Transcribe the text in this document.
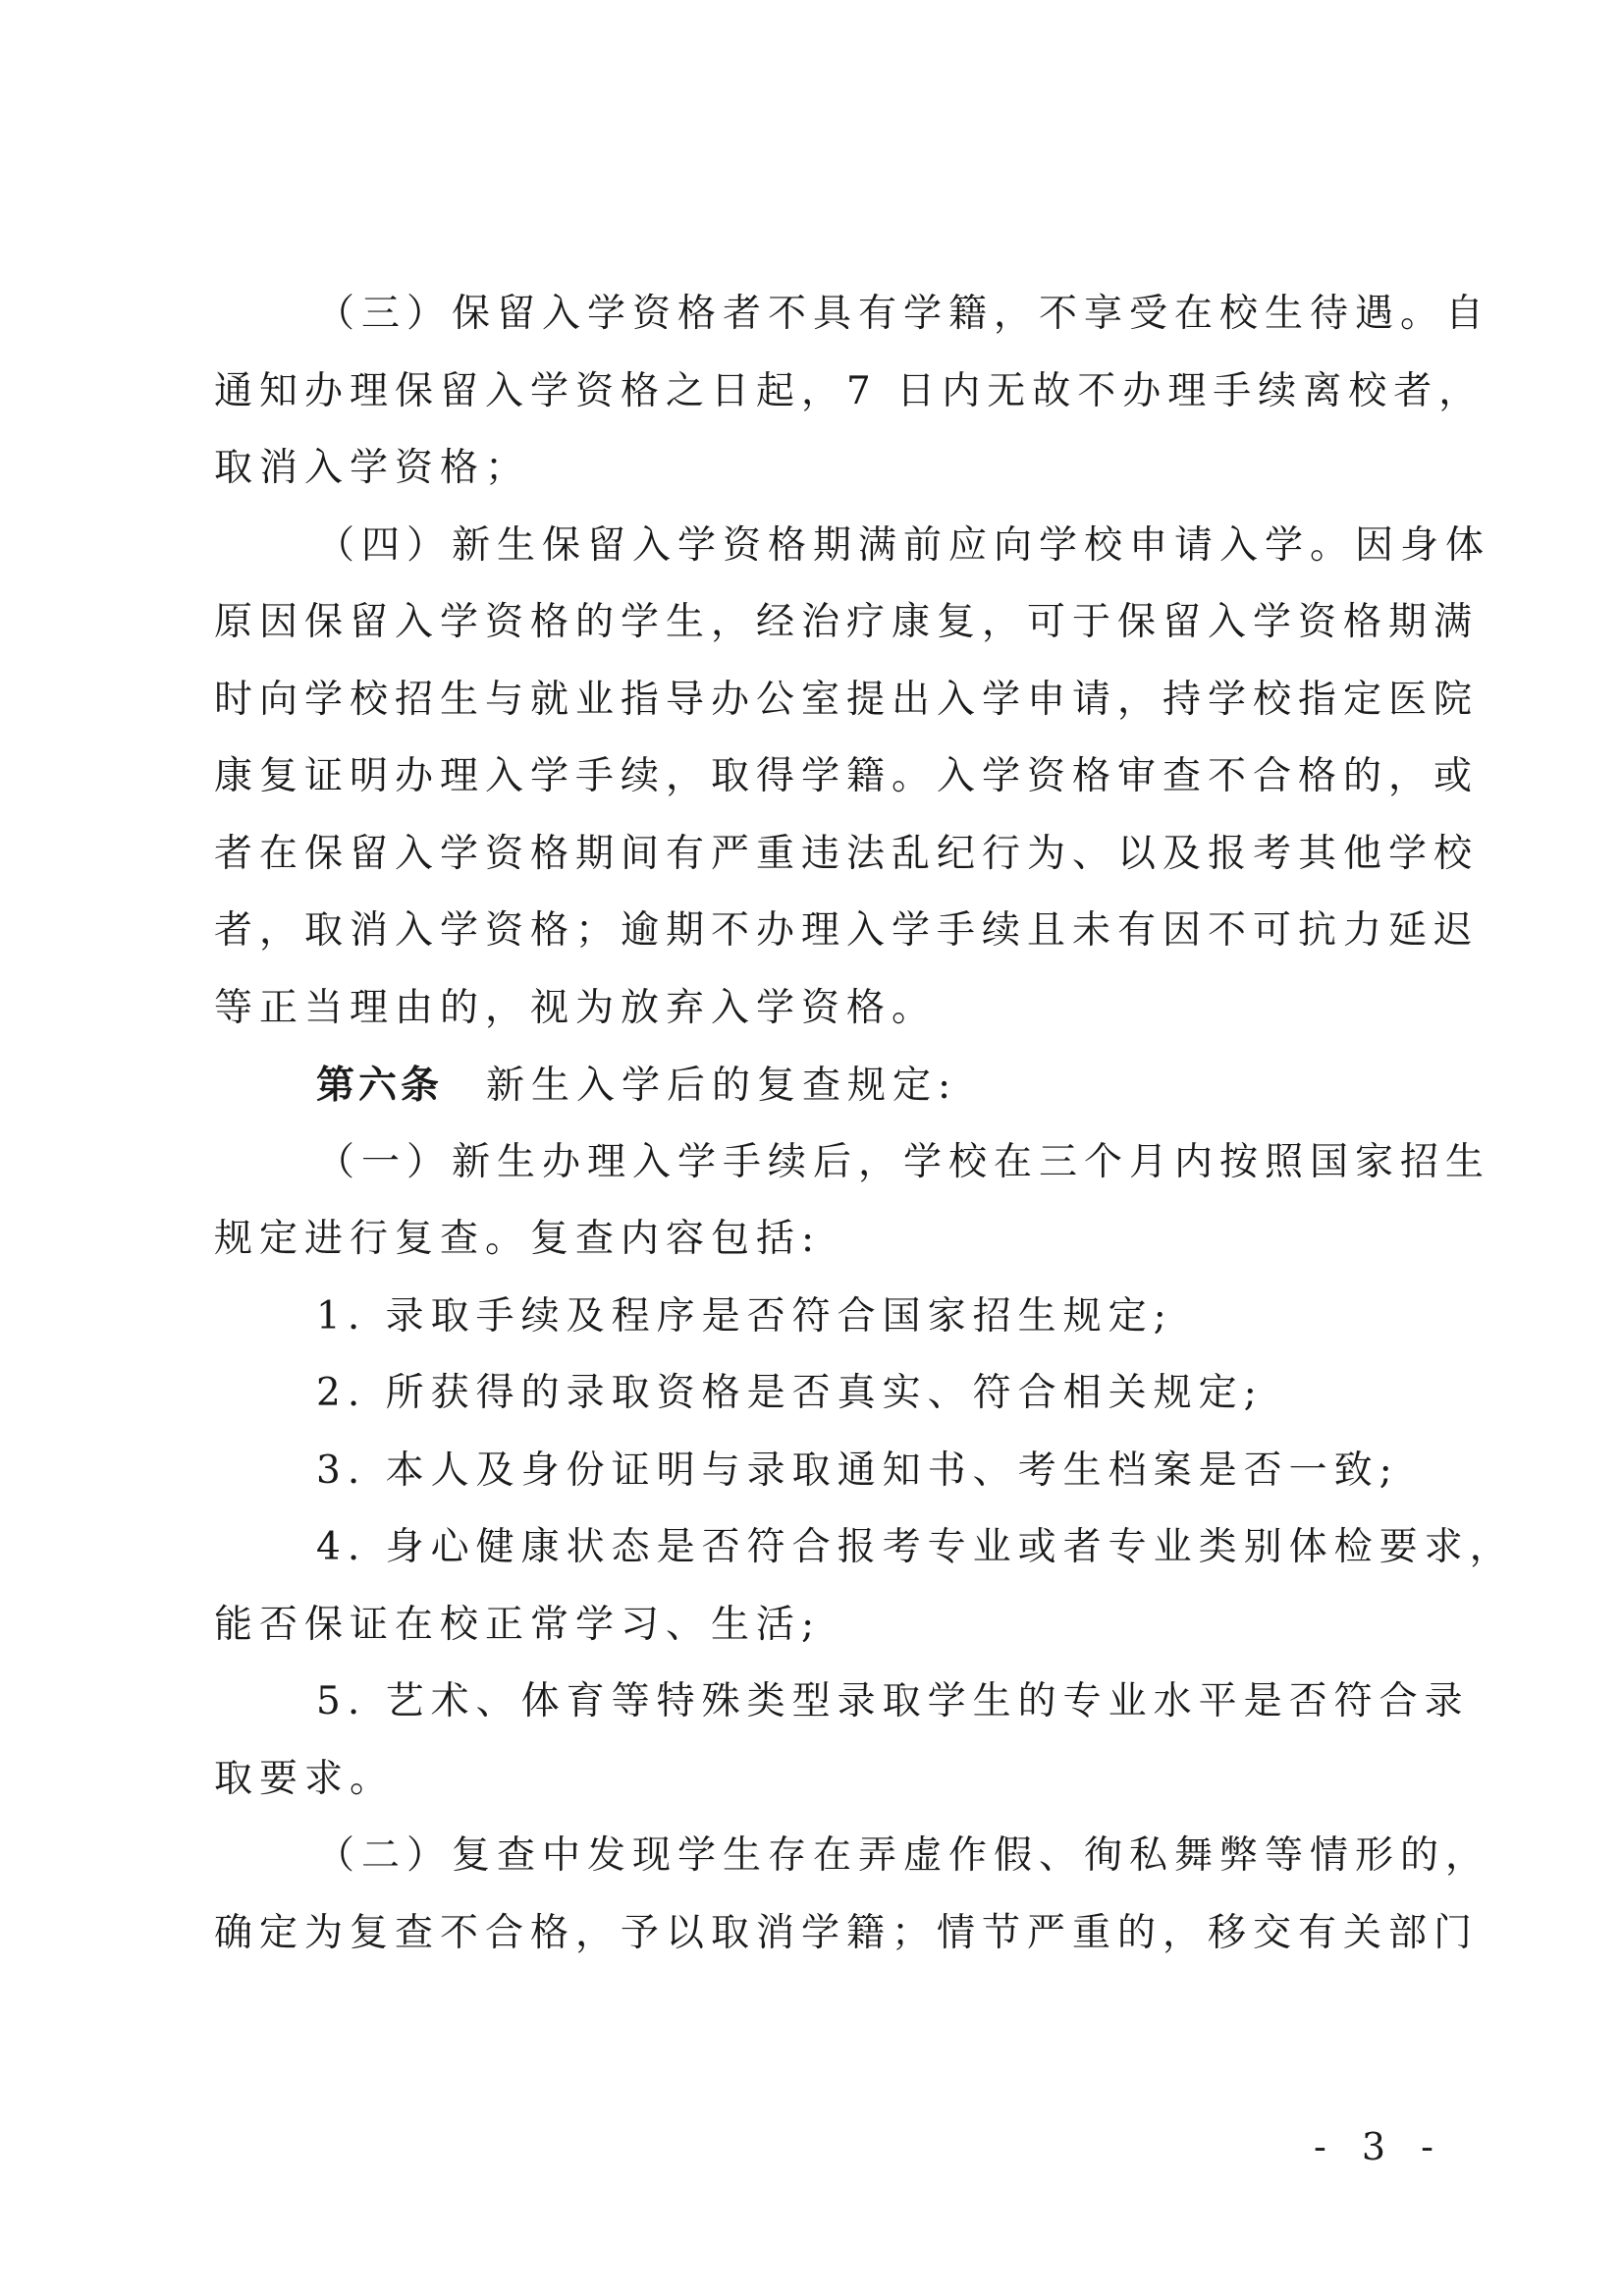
（三）保留入学资格者不具有学籍，不享受在校生待遇。自
通知办理保留入学资格之日起，7 日内无故不办理手续离校者，
取消入学资格；
（四）新生保留入学资格期满前应向学校申请入学。因身体
原因保留入学资格的学生，经治疗康复，可于保留入学资格期满
时向学校招生与就业指导办公室提出入学申请，持学校指定医院
康复证明办理入学手续，取得学籍。入学资格审查不合格的，或
者在保留入学资格期间有严重违法乱纪行为、以及报考其他学校
者，取消入学资格；逾期不办理入学手续且未有因不可抗力延迟
等正当理由的，视为放弃入学资格。
第六条 新生入学后的复查规定:
（一）新生办理入学手续后，学校在三个月内按照国家招生
规定进行复查。复查内容包括:
1. 录取手续及程序是否符合国家招生规定;
2. 所获得的录取资格是否真实、符合相关规定;
3. 本人及身份证明与录取通知书、考生档案是否一致;
4. 身心健康状态是否符合报考专业或者专业类别体检要求，
能否保证在校正常学习、生活;
5. 艺术、体育等特殊类型录取学生的专业水平是否符合录
取要求。
（二）复查中发现学生存在弄虚作假、徇私舞弊等情形的，
确定为复查不合格，予以取消学籍；情节严重的，移交有关部门
- 3 -
